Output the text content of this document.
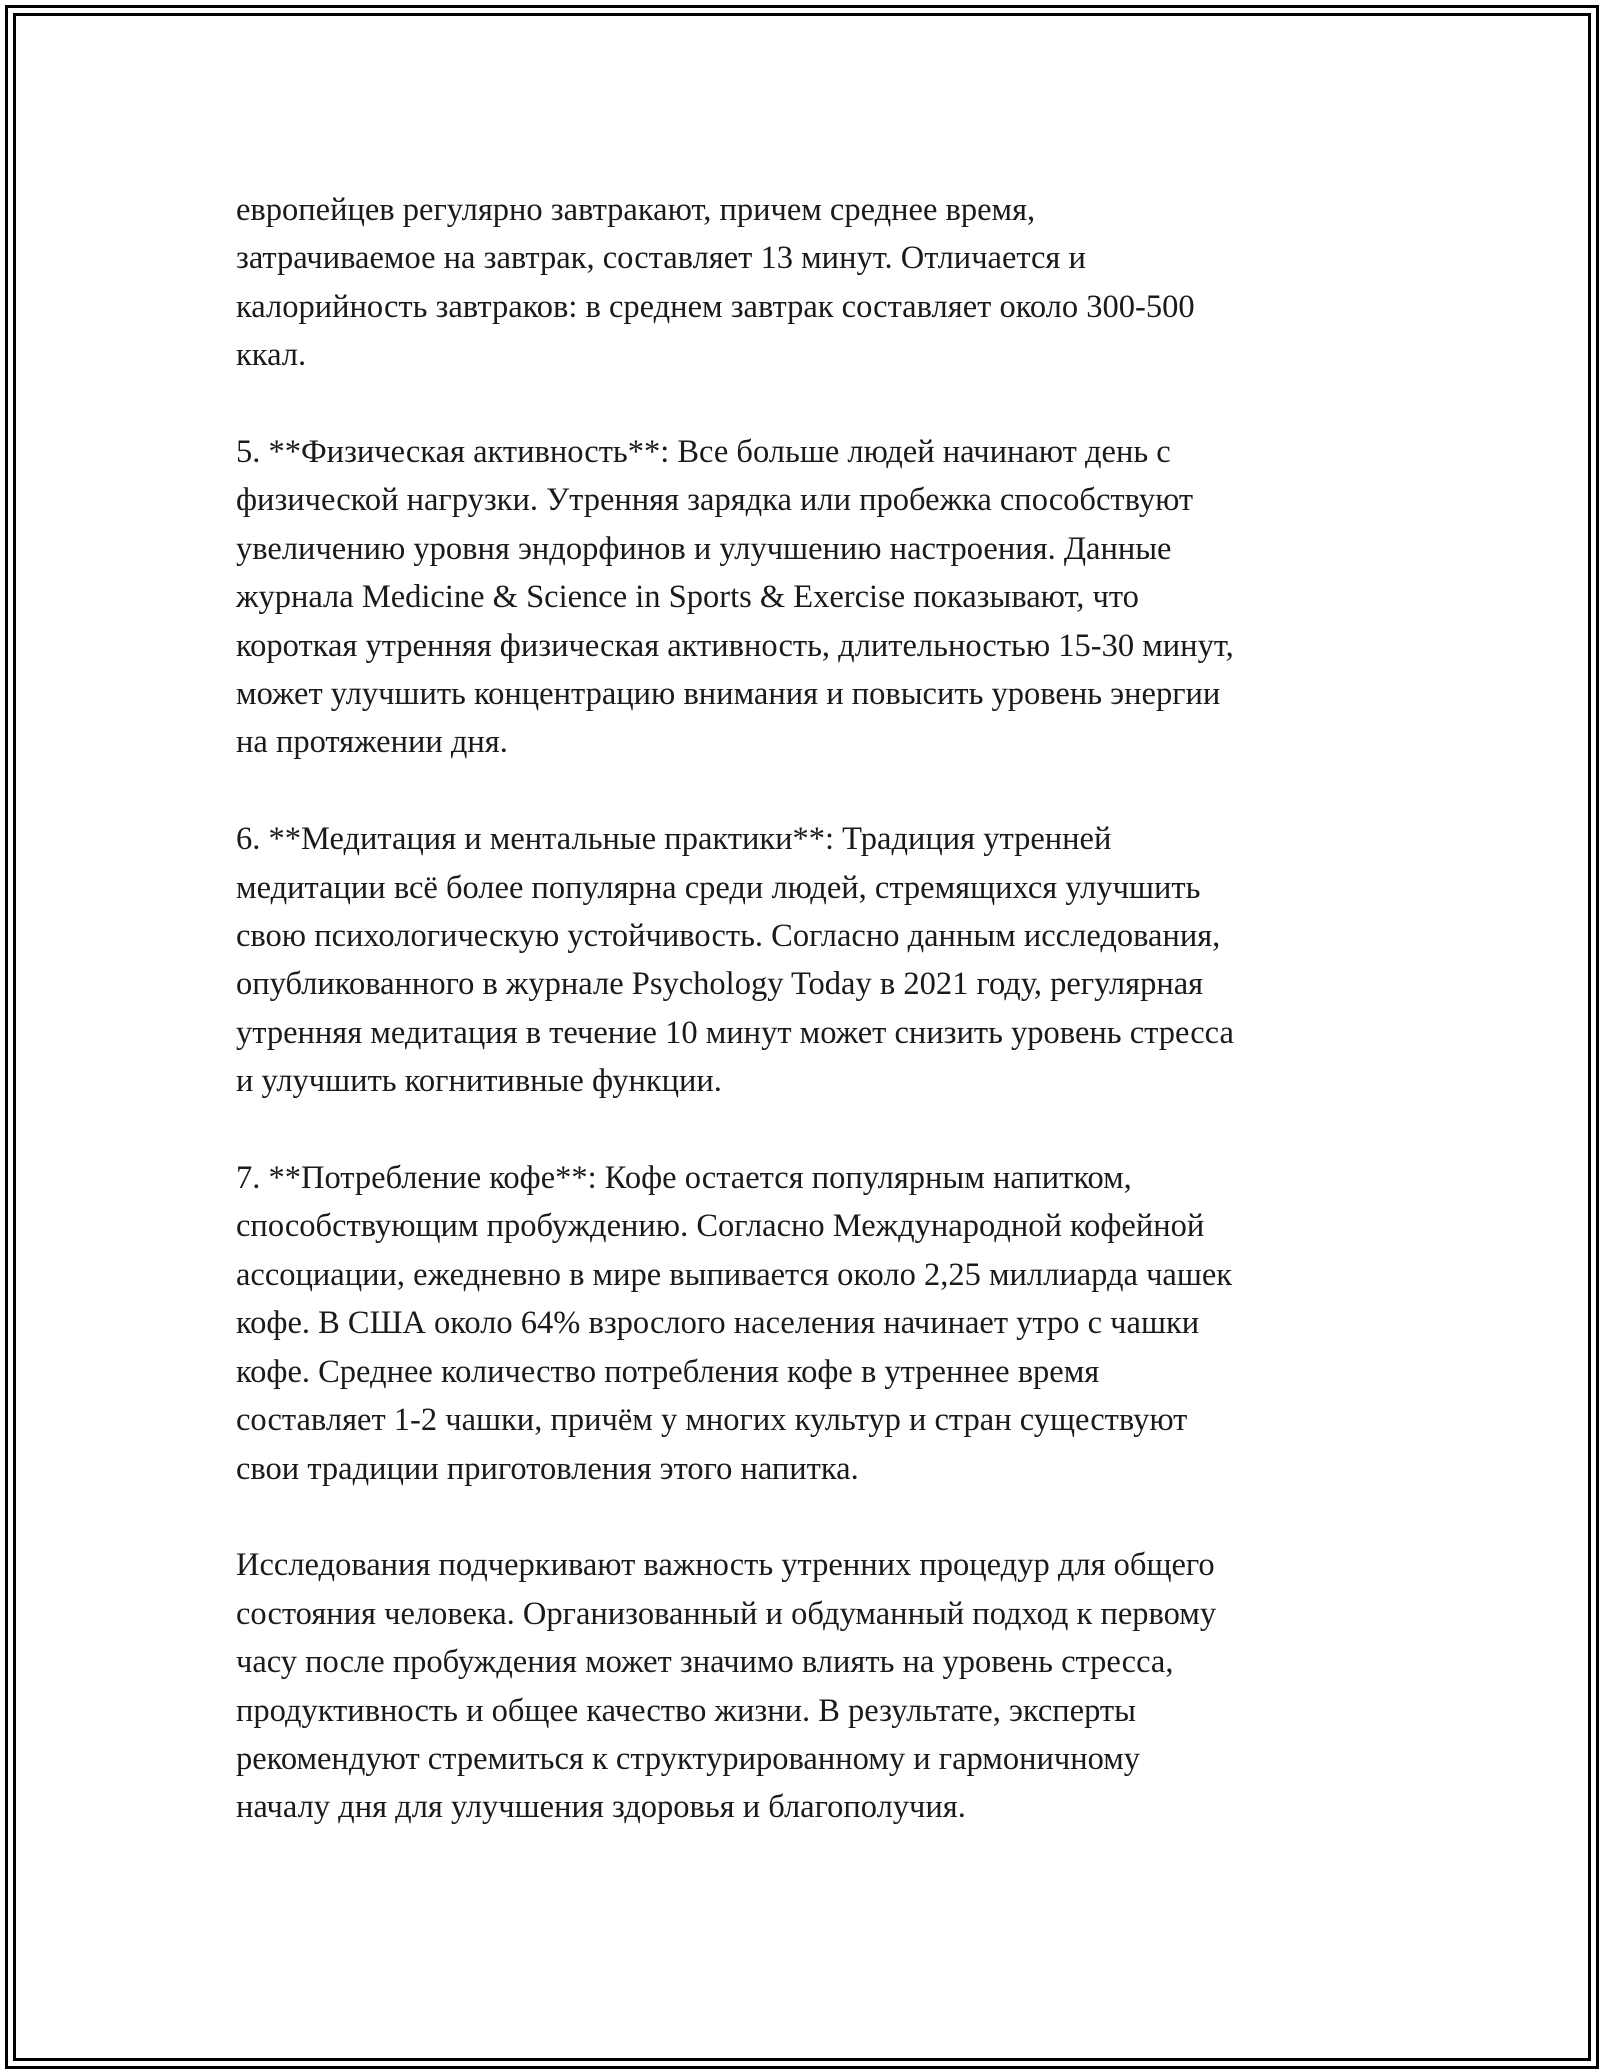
европейцев регулярно завтракают, причем среднее время,
затрачиваемое на завтрак, составляет 13 минут. Отличается и
калорийность завтраков: в среднем завтрак составляет около 300-500
ккал.

5. **Физическая активность**: Все больше людей начинают день с
физической нагрузки. Утренняя зарядка или пробежка способствуют
увеличению уровня эндорфинов и улучшению настроения. Данные
журнала Medicine & Science in Sports & Exercise показывают, что
короткая утренняя физическая активность, длительностью 15-30 минут,
может улучшить концентрацию внимания и повысить уровень энергии
на протяжении дня.

6. **Медитация и ментальные практики**: Традиция утренней
медитации всё более популярна среди людей, стремящихся улучшить
свою психологическую устойчивость. Согласно данным исследования,
опубликованного в журнале Psychology Today в 2021 году, регулярная
утренняя медитация в течение 10 минут может снизить уровень стресса
и улучшить когнитивные функции.

7. **Потребление кофе**: Кофе остается популярным напитком,
способствующим пробуждению. Согласно Международной кофейной
ассоциации, ежедневно в мире выпивается около 2,25 миллиарда чашек
кофе. В США около 64% взрослого населения начинает утро с чашки
кофе. Среднее количество потребления кофе в утреннее время
составляет 1-2 чашки, причём у многих культур и стран существуют
свои традиции приготовления этого напитка.

Исследования подчеркивают важность утренних процедур для общего
состояния человека. Организованный и обдуманный подход к первому
часу после пробуждения может значимо влиять на уровень стресса,
продуктивность и общее качество жизни. В результате, эксперты
рекомендуют стремиться к структурированному и гармоничному
началу дня для улучшения здоровья и благополучия.
